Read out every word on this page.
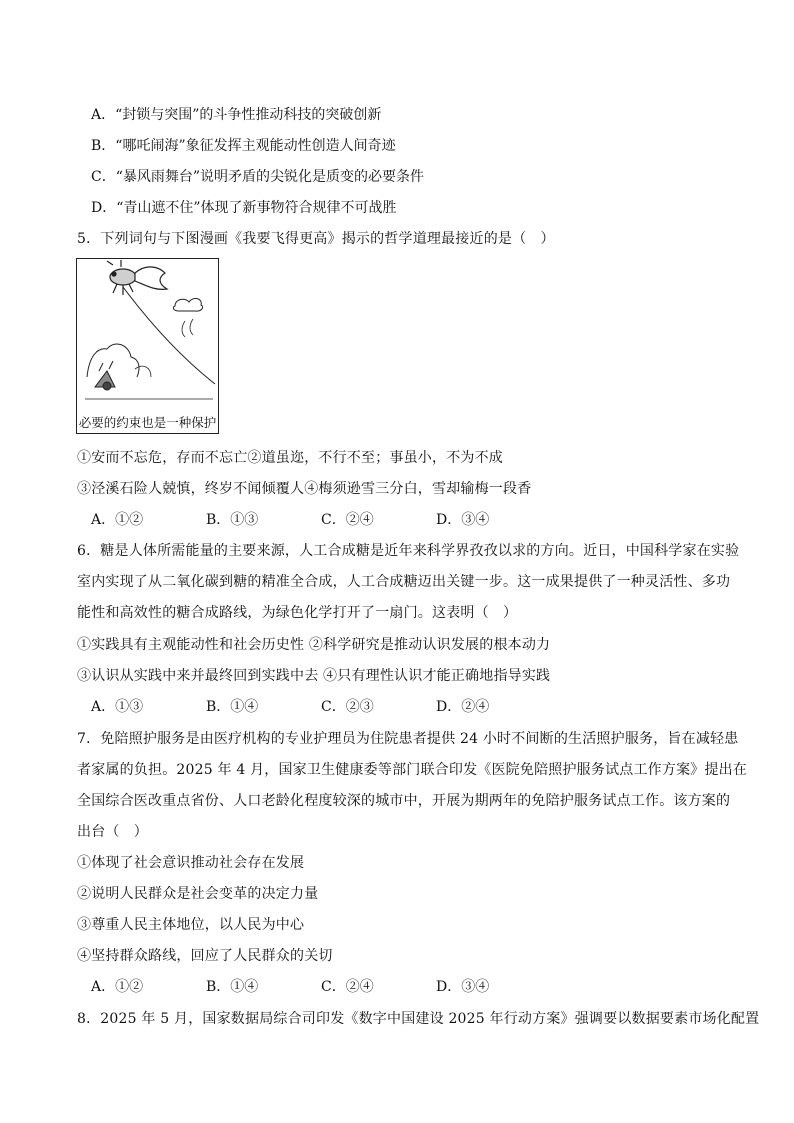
A．“封锁与突围”的斗争性推动科技的突破创新
B．“哪吒闹海”象征发挥主观能动性创造人间奇迹
C．“暴风雨舞台”说明矛盾的尖锐化是质变的必要条件
D．“青山遮不住”体现了新事物符合规律不可战胜
5．下列词句与下图漫画《我要飞得更高》揭示的哲学道理最接近的是（　）
必要的约束也是一种保护
①安而不忘危，存而不忘亡②道虽迩，不行不至；事虽小，不为不成
③泾溪石险人兢慎，终岁不闻倾覆人④梅须逊雪三分白，雪却输梅一段香
A．①②	B．①③	C．②④	D．③④
6．糖是人体所需能量的主要来源，人工合成糖是近年来科学界孜孜以求的方向。近日，中国科学家在实验
室内实现了从二氧化碳到糖的精准全合成，人工合成糖迈出关键一步。这一成果提供了一种灵活性、多功
能性和高效性的糖合成路线，为绿色化学打开了一扇门。这表明（　）
①实践具有主观能动性和社会历史性 ②科学研究是推动认识发展的根本动力
③认识从实践中来并最终回到实践中去 ④只有理性认识才能正确地指导实践
A．①③	B．①④	C．②③	D．②④
7．免陪照护服务是由医疗机构的专业护理员为住院患者提供 24 小时不间断的生活照护服务，旨在减轻患
者家属的负担。2025 年 4 月，国家卫生健康委等部门联合印发《医院免陪照护服务试点工作方案》提出在
全国综合医改重点省份、人口老龄化程度较深的城市中，开展为期两年的免陪护服务试点工作。该方案的
出台（　）
①体现了社会意识推动社会存在发展
②说明人民群众是社会变革的决定力量
③尊重人民主体地位，以人民为中心
④坚持群众路线，回应了人民群众的关切
A．①②	B．①④	C．②④	D．③④
8．2025 年 5 月，国家数据局综合司印发《数字中国建设 2025 年行动方案》强调要以数据要素市场化配置
